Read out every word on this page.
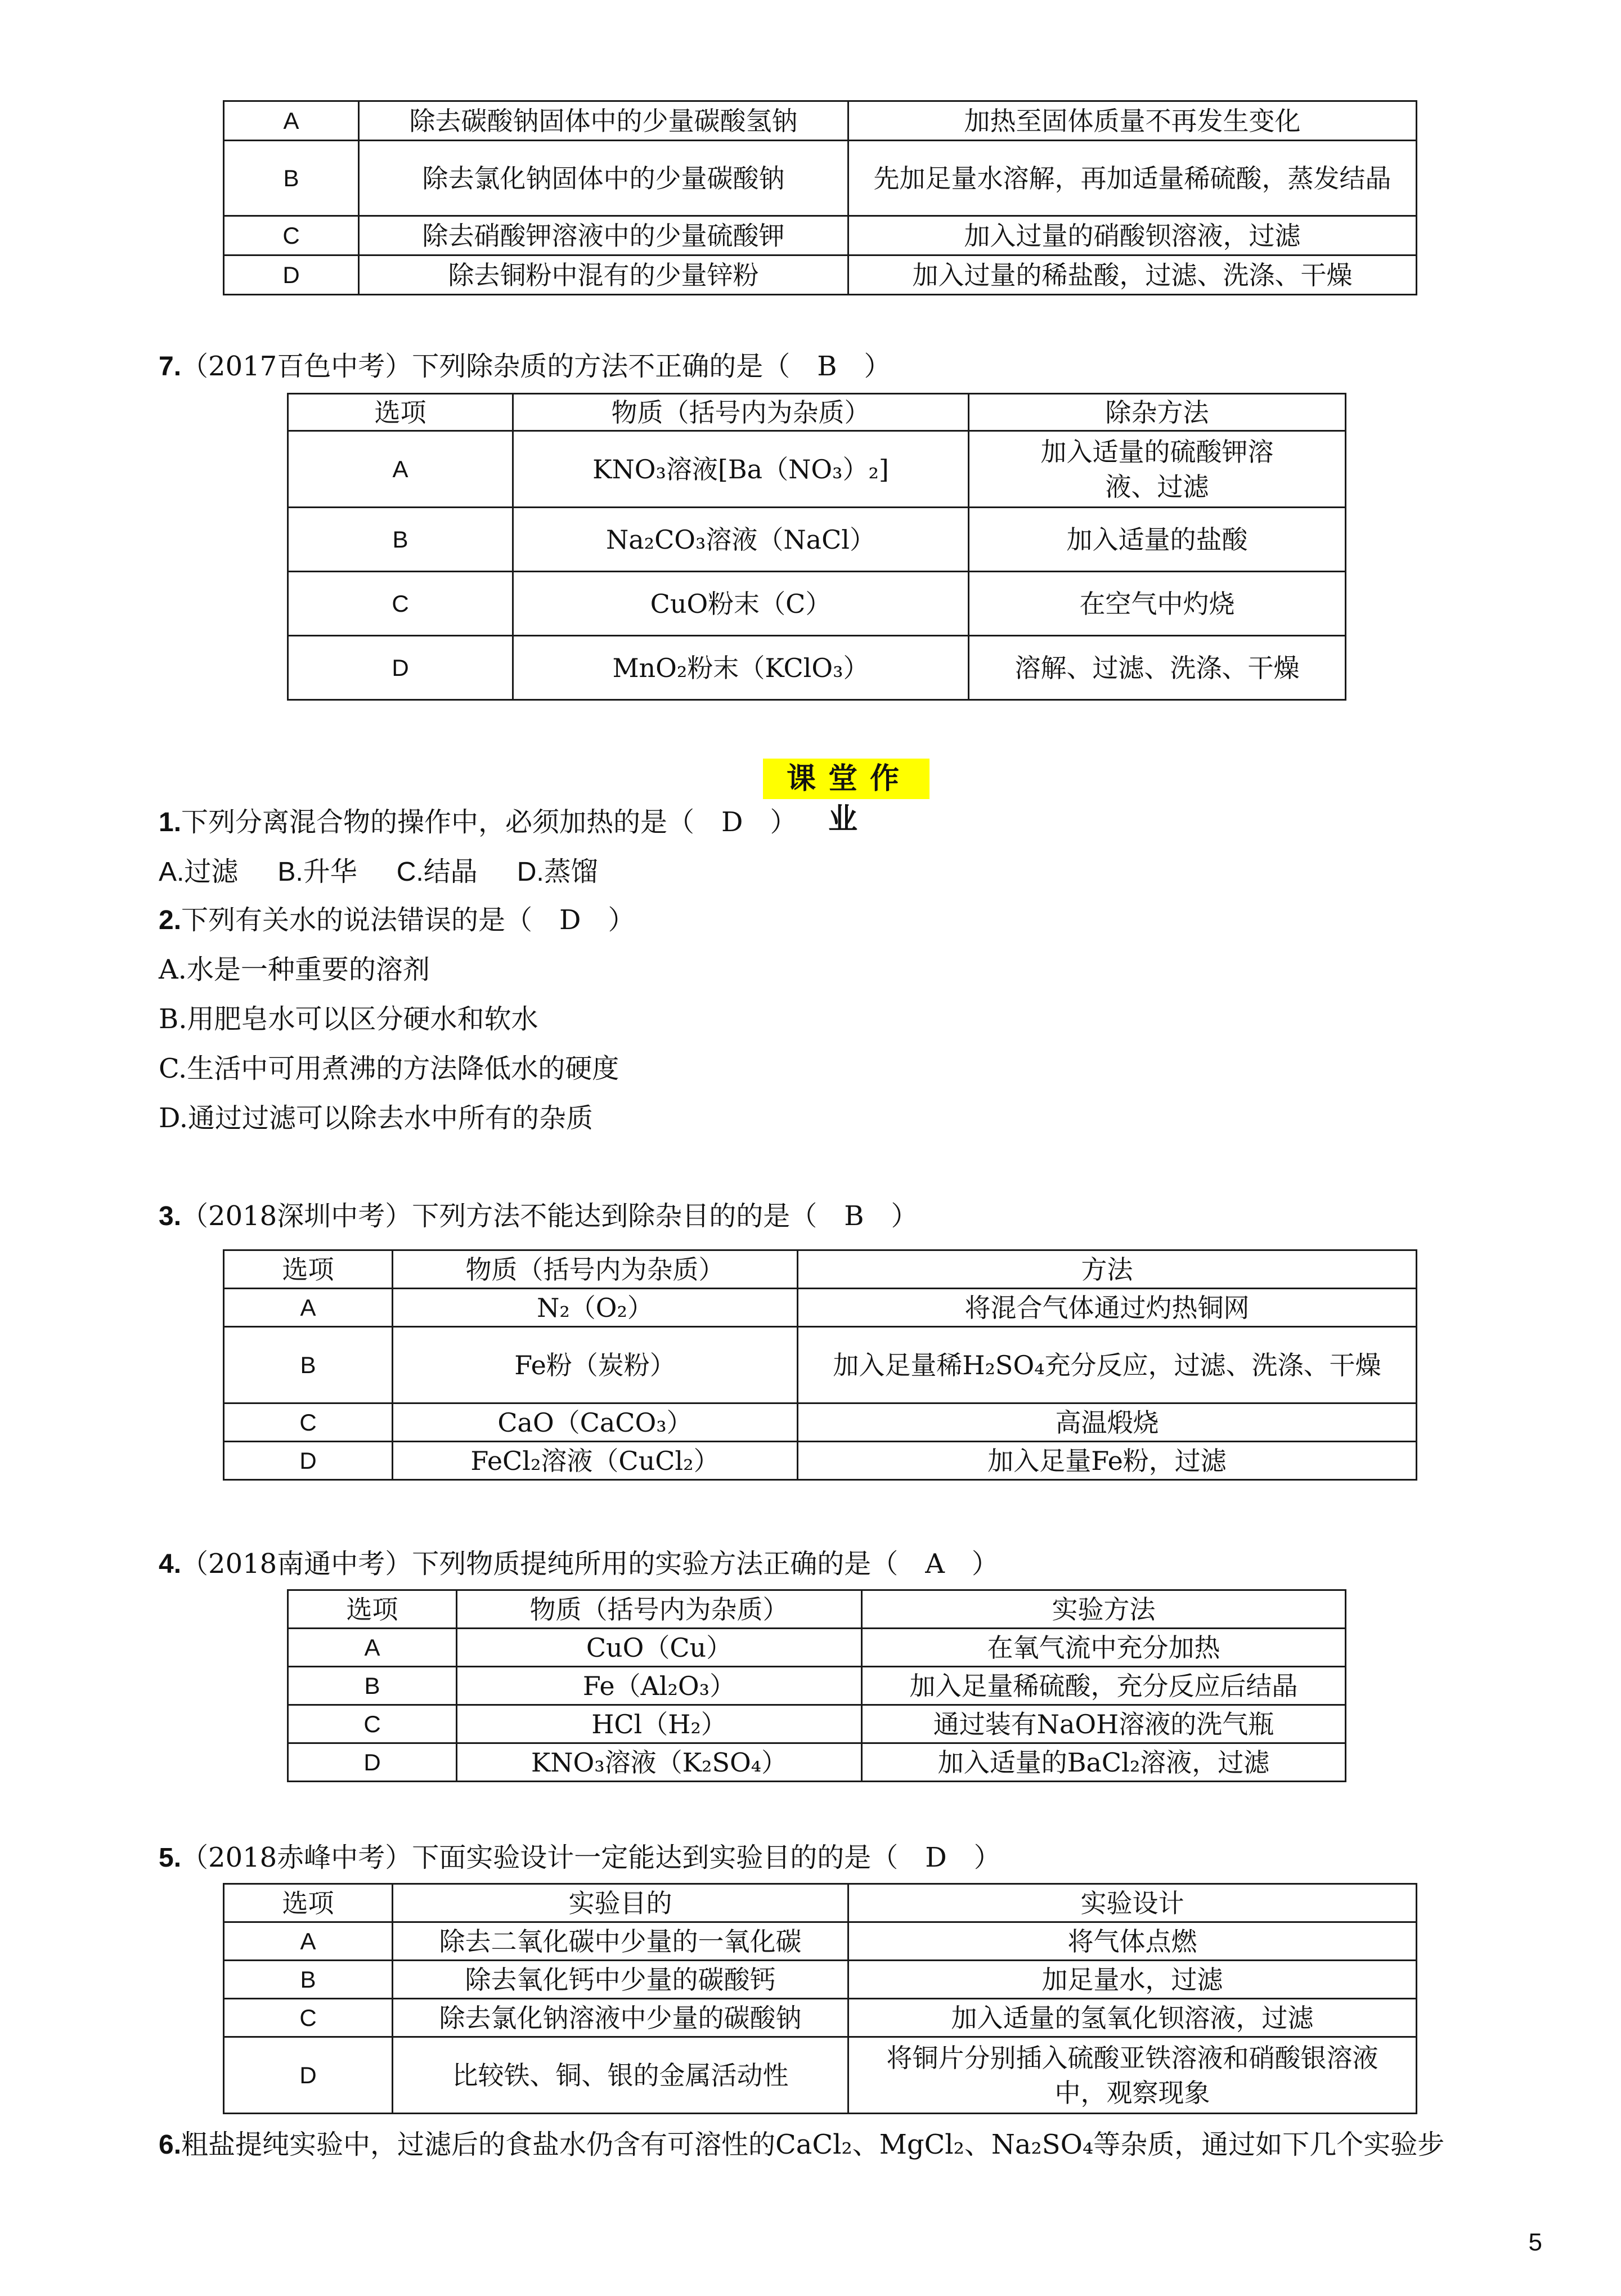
A	除去碳酸钠固体中的少量碳酸氢钠	加热至固体质量不再发生变化
B	除去氯化钠固体中的少量碳酸钠	先加足量水溶解，再加适量稀硫酸，蒸发结晶
C	除去硝酸钾溶液中的少量硫酸钾	加入过量的硝酸钡溶液，过滤
D	除去铜粉中混有的少量锌粉	加入过量的稀盐酸，过滤、洗涤、干燥
7.（2017百色中考）下列除杂质的方法不正确的是（　B　）
选项	物质（括号内为杂质）	除杂方法
A	KNO₃溶液[Ba（NO₃）₂]	加入适量的硫酸钾溶液、过滤
B	Na₂CO₃溶液（NaCl）	加入适量的盐酸
C	CuO粉末（C）	在空气中灼烧
D	MnO₂粉末（KClO₃）	溶解、过滤、洗涤、干燥
课堂作业
1.下列分离混合物的操作中，必须加热的是（　D　）
A.过滤 B.升华 C.结晶 D.蒸馏
2.下列有关水的说法错误的是（　D　）
A.水是一种重要的溶剂
B.用肥皂水可以区分硬水和软水
C.生活中可用煮沸的方法降低水的硬度
D.通过过滤可以除去水中所有的杂质
3.（2018深圳中考）下列方法不能达到除杂目的的是（　B　）
选项	物质（括号内为杂质）	方法
A	N₂（O₂）	将混合气体通过灼热铜网
B	Fe粉（炭粉）	加入足量稀H₂SO₄充分反应，过滤、洗涤、干燥
C	CaO（CaCO₃）	高温煅烧
D	FeCl₂溶液（CuCl₂）	加入足量Fe粉，过滤
4.（2018南通中考）下列物质提纯所用的实验方法正确的是（　A　）
选项	物质（括号内为杂质）	实验方法
A	CuO（Cu）	在氧气流中充分加热
B	Fe（Al₂O₃）	加入足量稀硫酸，充分反应后结晶
C	HCl（H₂）	通过装有NaOH溶液的洗气瓶
D	KNO₃溶液（K₂SO₄）	加入适量的BaCl₂溶液，过滤
5.（2018赤峰中考）下面实验设计一定能达到实验目的的是（　D　）
选项	实验目的	实验设计
A	除去二氧化碳中少量的一氧化碳	将气体点燃
B	除去氧化钙中少量的碳酸钙	加足量水，过滤
C	除去氯化钠溶液中少量的碳酸钠	加入适量的氢氧化钡溶液，过滤
D	比较铁、铜、银的金属活动性	将铜片分别插入硫酸亚铁溶液和硝酸银溶液中，观察现象
6.粗盐提纯实验中，过滤后的食盐水仍含有可溶性的CaCl₂、MgCl₂、Na₂SO₄等杂质，通过如下几个实验步
5
